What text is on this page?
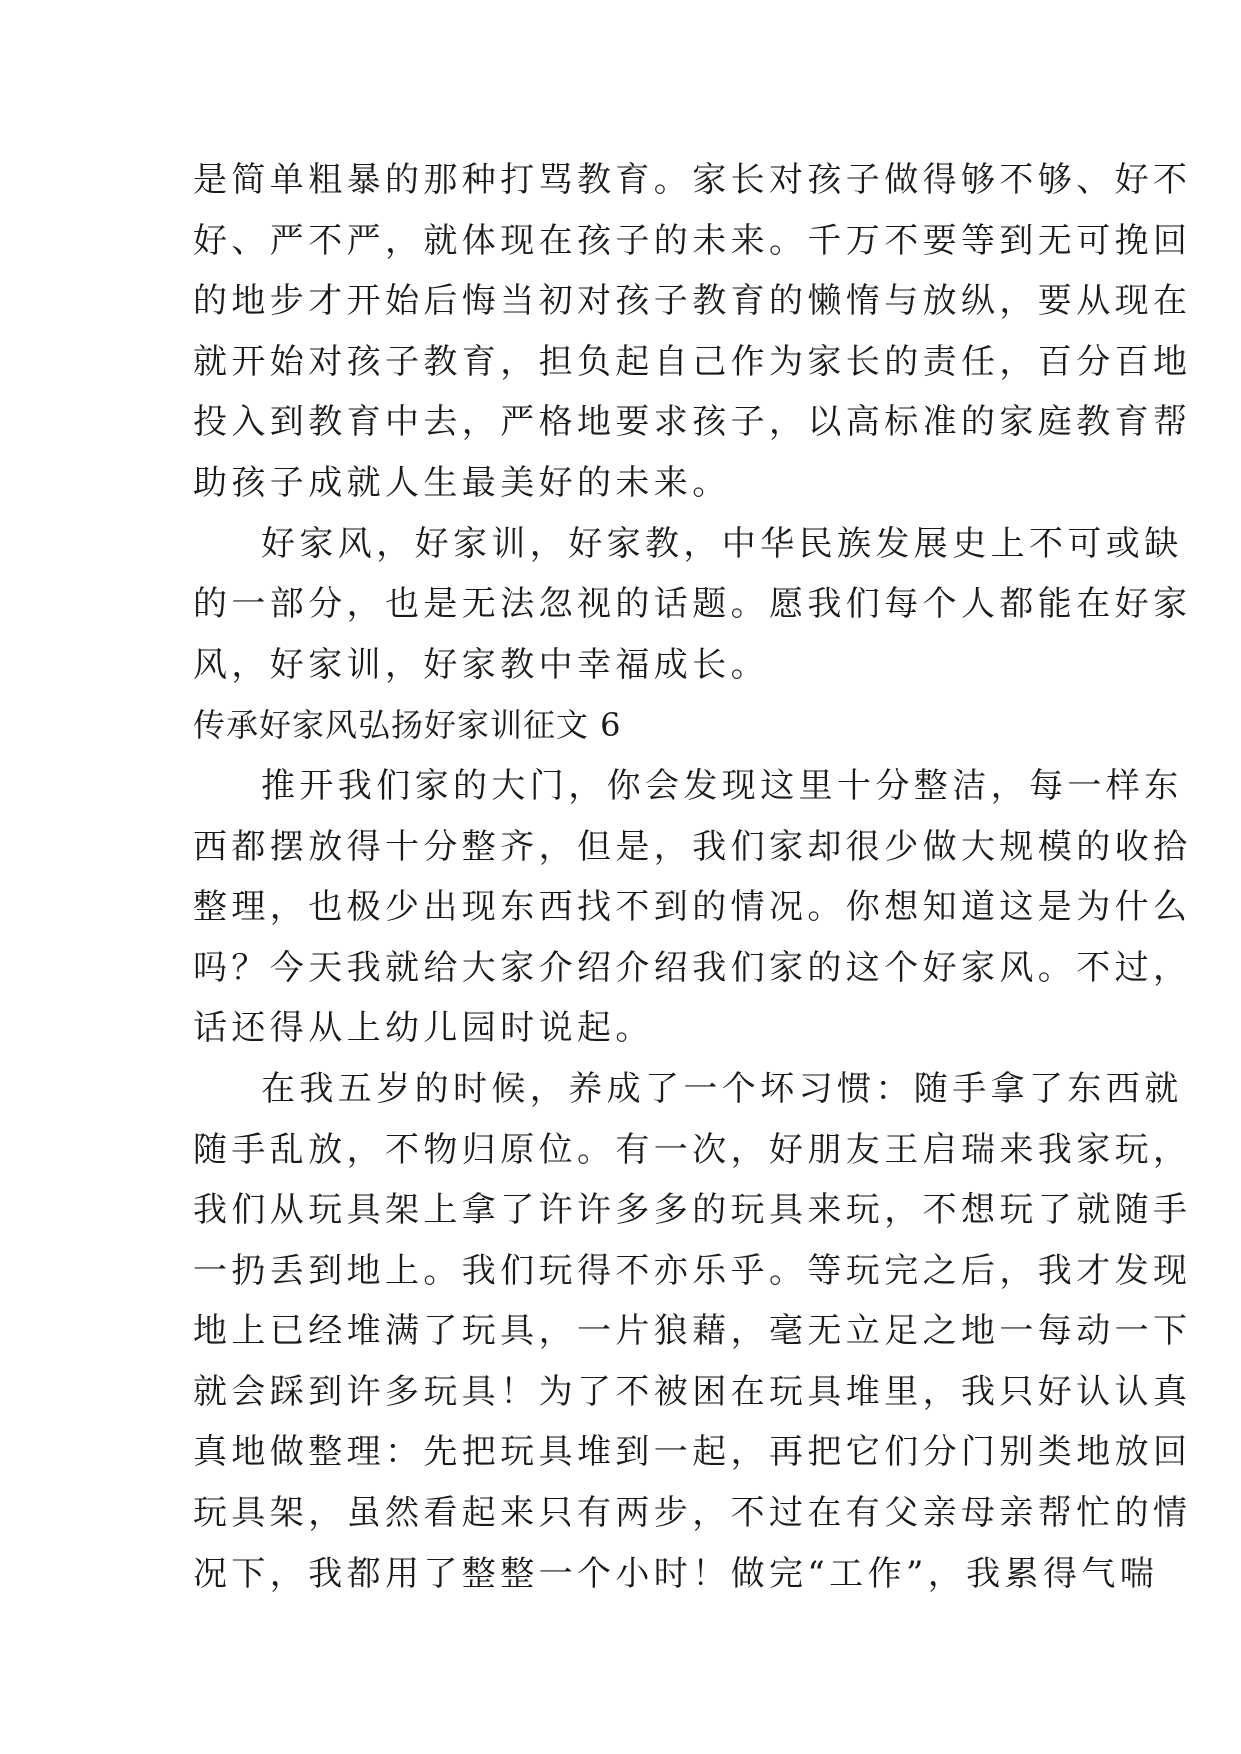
是简单粗暴的那种打骂教育。家长对孩子做得够不够、好不
好、严不严，就体现在孩子的未来。千万不要等到无可挽回
的地步才开始后悔当初对孩子教育的懒惰与放纵，要从现在
就开始对孩子教育，担负起自己作为家长的责任，百分百地
投入到教育中去，严格地要求孩子，以高标准的家庭教育帮
助孩子成就人生最美好的未来。
好家风，好家训，好家教，中华民族发展史上不可或缺
的一部分，也是无法忽视的话题。愿我们每个人都能在好家
风，好家训，好家教中幸福成长。
传承好家风弘扬好家训征文 6
推开我们家的大门，你会发现这里十分整洁，每一样东
西都摆放得十分整齐，但是，我们家却很少做大规模的收拾
整理，也极少出现东西找不到的情况。你想知道这是为什么
吗？今天我就给大家介绍介绍我们家的这个好家风。不过，
话还得从上幼儿园时说起。
在我五岁的时候，养成了一个坏习惯：随手拿了东西就
随手乱放，不物归原位。有一次，好朋友王启瑞来我家玩，
我们从玩具架上拿了许许多多的玩具来玩，不想玩了就随手
一扔丢到地上。我们玩得不亦乐乎。等玩完之后，我才发现
地上已经堆满了玩具，一片狼藉，毫无立足之地一每动一下
就会踩到许多玩具！为了不被困在玩具堆里，我只好认认真
真地做整理：先把玩具堆到一起，再把它们分门别类地放回
玩具架，虽然看起来只有两步，不过在有父亲母亲帮忙的情
况下，我都用了整整一个小时！做完“工作”，我累得气喘
